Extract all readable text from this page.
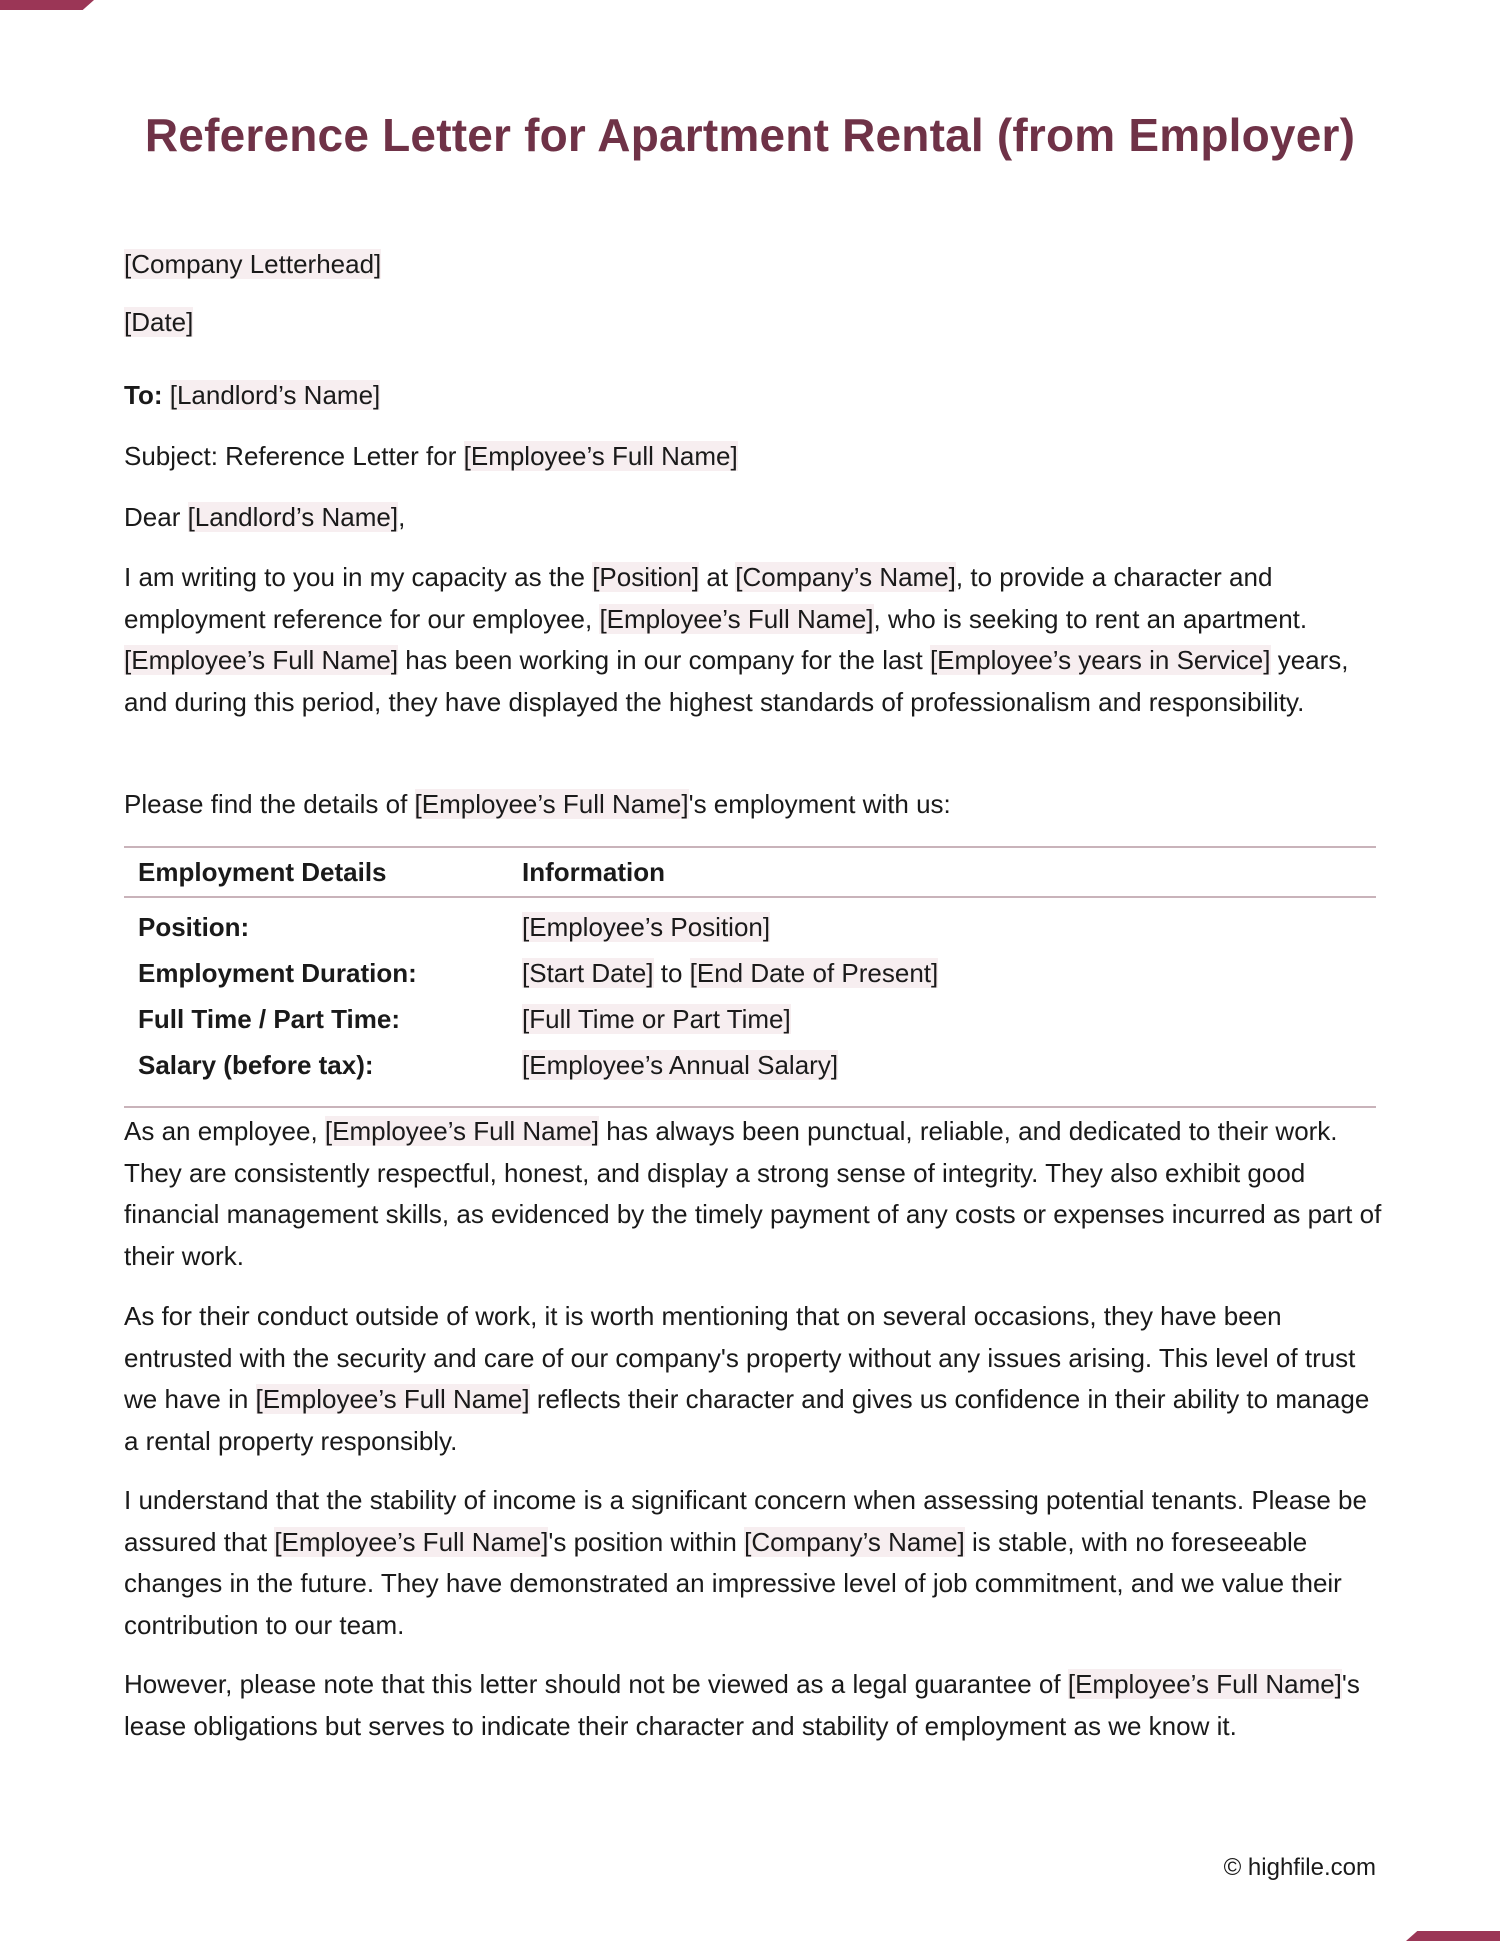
Reference Letter for Apartment Rental (from Employer)
[Company Letterhead]
[Date]
To: [Landlord’s Name]
Subject: Reference Letter for [Employee’s Full Name]
Dear [Landlord’s Name],
I am writing to you in my capacity as the [Position] at [Company’s Name], to provide a character and employment reference for our employee, [Employee’s Full Name], who is seeking to rent an apartment. [Employee’s Full Name] has been working in our company for the last [Employee’s years in Service] years, and during this period, they have displayed the highest standards of professionalism and responsibility.
Please find the details of [Employee’s Full Name]'s employment with us:
Employment Details	Information
Position:	[Employee’s Position]
Employment Duration:	[Start Date] to [End Date of Present]
Full Time / Part Time:	[Full Time or Part Time]
Salary (before tax):	[Employee’s Annual Salary]
As an employee, [Employee’s Full Name] has always been punctual, reliable, and dedicated to their work. They are consistently respectful, honest, and display a strong sense of integrity. They also exhibit good financial management skills, as evidenced by the timely payment of any costs or expenses incurred as part of their work.
As for their conduct outside of work, it is worth mentioning that on several occasions, they have been entrusted with the security and care of our company's property without any issues arising. This level of trust we have in [Employee’s Full Name] reflects their character and gives us confidence in their ability to manage a rental property responsibly.
I understand that the stability of income is a significant concern when assessing potential tenants. Please be assured that [Employee’s Full Name]'s position within [Company’s Name] is stable, with no foreseeable changes in the future. They have demonstrated an impressive level of job commitment, and we value their contribution to our team.
However, please note that this letter should not be viewed as a legal guarantee of [Employee’s Full Name]'s lease obligations but serves to indicate their character and stability of employment as we know it.
© highfile.com
